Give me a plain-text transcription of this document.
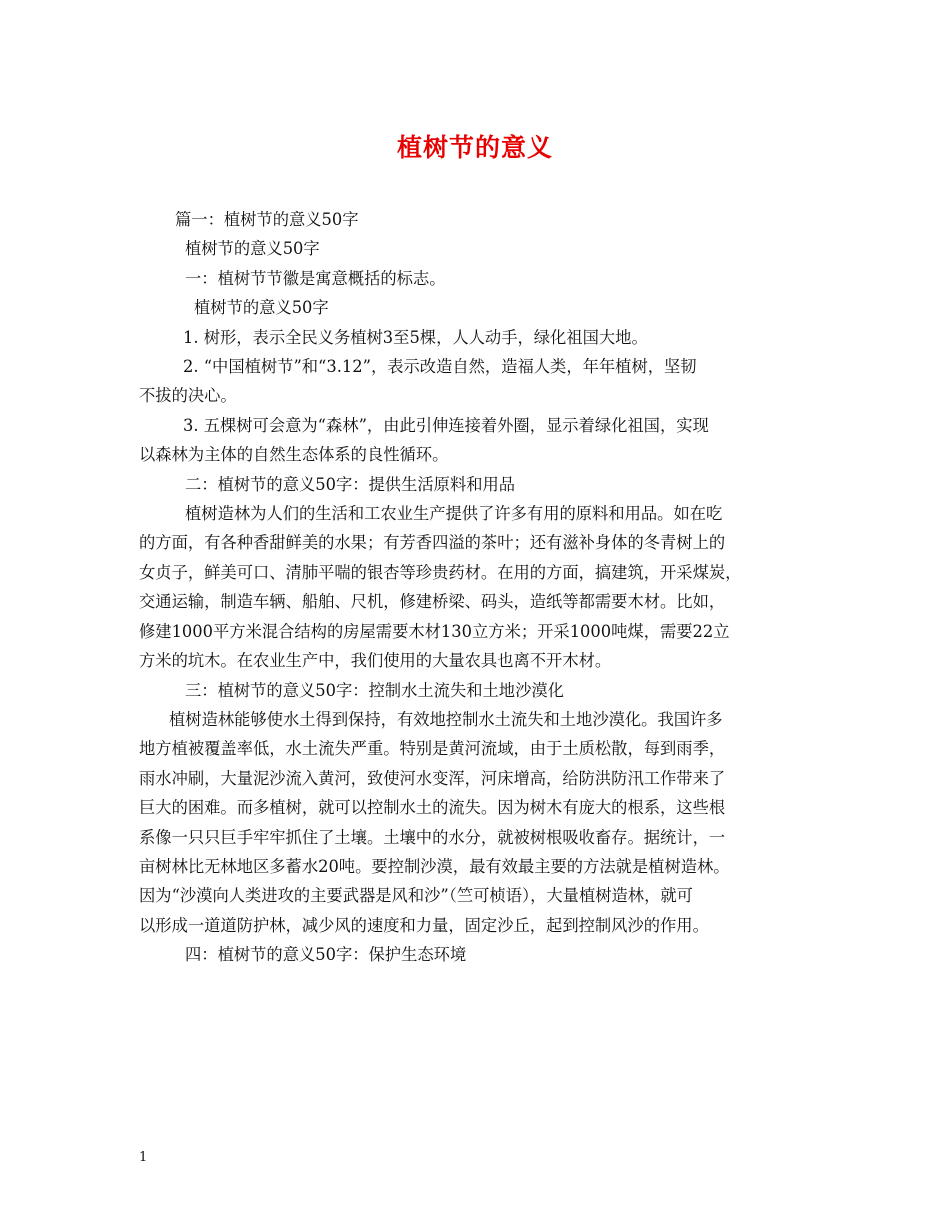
植树节的意义

篇一：植树节的意义50字

植树节的意义50字

一：植树节节徽是寓意概括的标志。

植树节的意义50字

1. 树形，表示全民义务植树3至5棵，人人动手，绿化祖国大地。

2. “中国植树节”和“3.12”，表示改造自然，造福人类，年年植树，坚韧

不拔的决心。

3. 五棵树可会意为“森林”，由此引伸连接着外圈，显示着绿化祖国，实现

以森林为主体的自然生态体系的良性循环。

二：植树节的意义50字：提供生活原料和用品

植树造林为人们的生活和工农业生产提供了许多有用的原料和用品。如在吃

的方面，有各种香甜鲜美的水果；有芳香四溢的茶叶；还有滋补身体的冬青树上的

女贞子，鲜美可口、清肺平喘的银杏等珍贵药材。在用的方面，搞建筑，开采煤炭，

交通运输，制造车辆、船舶、尺机，修建桥梁、码头，造纸等都需要木材。比如，

修建1000平方米混合结构的房屋需要木材130立方米；开采1000吨煤，需要22立

方米的坑木。在农业生产中，我们使用的大量农具也离不开木材。

三：植树节的意义50字：控制水土流失和土地沙漠化

植树造林能够使水土得到保持，有效地控制水土流失和土地沙漠化。我国许多

地方植被覆盖率低，水土流失严重。特别是黄河流域，由于土质松散，每到雨季，

雨水冲刷，大量泥沙流入黄河，致使河水变浑，河床增高，给防洪防汛工作带来了

巨大的困难。而多植树，就可以控制水土的流失。因为树木有庞大的根系，这些根

系像一只只巨手牢牢抓住了土壤。土壤中的水分，就被树根吸收畜存。据统计，一

亩树林比无林地区多蓄水20吨。要控制沙漠，最有效最主要的方法就是植树造林。

因为“沙漠向人类进攻的主要武器是风和沙”（竺可桢语），大量植树造林，就可

以形成一道道防护林，减少风的速度和力量，固定沙丘，起到控制风沙的作用。

四：植树节的意义50字：保护生态环境

1
